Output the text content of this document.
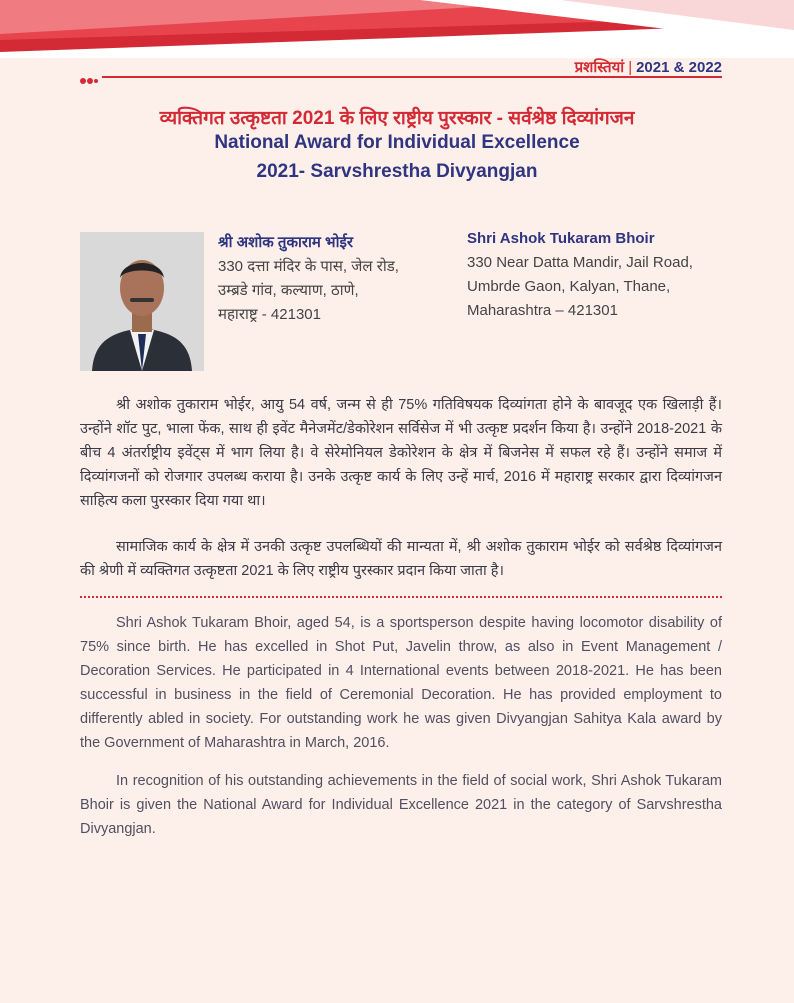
प्रशस्तियां | 2021 & 2022
व्यक्तिगत उत्कृष्टता 2021 के लिए राष्ट्रीय पुरस्कार - सर्वश्रेष्ठ दिव्यांगजन
National Award for Individual Excellence
2021- Sarvshrestha Divyangjan
श्री अशोक तुकाराम भोईर
330 दत्ता मंदिर के पास, जेल रोड,
उम्ब्रडे गांव, कल्याण, ठाणे,
महाराष्ट्र - 421301
Shri Ashok Tukaram Bhoir
330 Near Datta Mandir, Jail Road,
Umbrde Gaon, Kalyan, Thane,
Maharashtra – 421301

श्री अशोक तुकाराम भोईर, आयु 54 वर्ष, जन्म से ही 75% गतिविषयक दिव्यांगता होने के बावजूद एक खिलाड़ी हैं। उन्होंने शॉट पुट, भाला फेंक, साथ ही इवेंट मैनेजमेंट/डेकोरेशन सर्विसेज में भी उत्कृष्ट प्रदर्शन किया है। उन्होंने 2018-2021 के बीच 4 अंतर्राष्ट्रीय इवेंट्स में भाग लिया है। वे सेरेमोनियल डेकोरेशन के क्षेत्र में बिजनेस में सफल रहे हैं। उन्होंने समाज में दिव्यांगजनों को रोजगार उपलब्ध कराया है। उनके उत्कृष्ट कार्य के लिए उन्हें मार्च, 2016 में महाराष्ट्र सरकार द्वारा दिव्यांगजन साहित्य कला पुरस्कार दिया गया था।

सामाजिक कार्य के क्षेत्र में उनकी उत्कृष्ट उपलब्धियों की मान्यता में, श्री अशोक तुकाराम भोईर को सर्वश्रेष्ठ दिव्यांगजन की श्रेणी में व्यक्तिगत उत्कृष्टता 2021 के लिए राष्ट्रीय पुरस्कार प्रदान किया जाता है।

Shri Ashok Tukaram Bhoir, aged 54, is a sportsperson despite having locomotor disability of 75% since birth. He has excelled in Shot Put, Javelin throw, as also in Event Management / Decoration Services. He participated in 4 International events between 2018-2021. He has been successful in business in the field of Ceremonial Decoration. He has provided employment to differently abled in society. For outstanding work he was given Divyangjan Sahitya Kala award by the Government of Maharashtra in March, 2016.

In recognition of his outstanding achievements in the field of social work, Shri Ashok Tukaram Bhoir is given the National Award for Individual Excellence 2021 in the category of Sarvshrestha Divyangjan.
